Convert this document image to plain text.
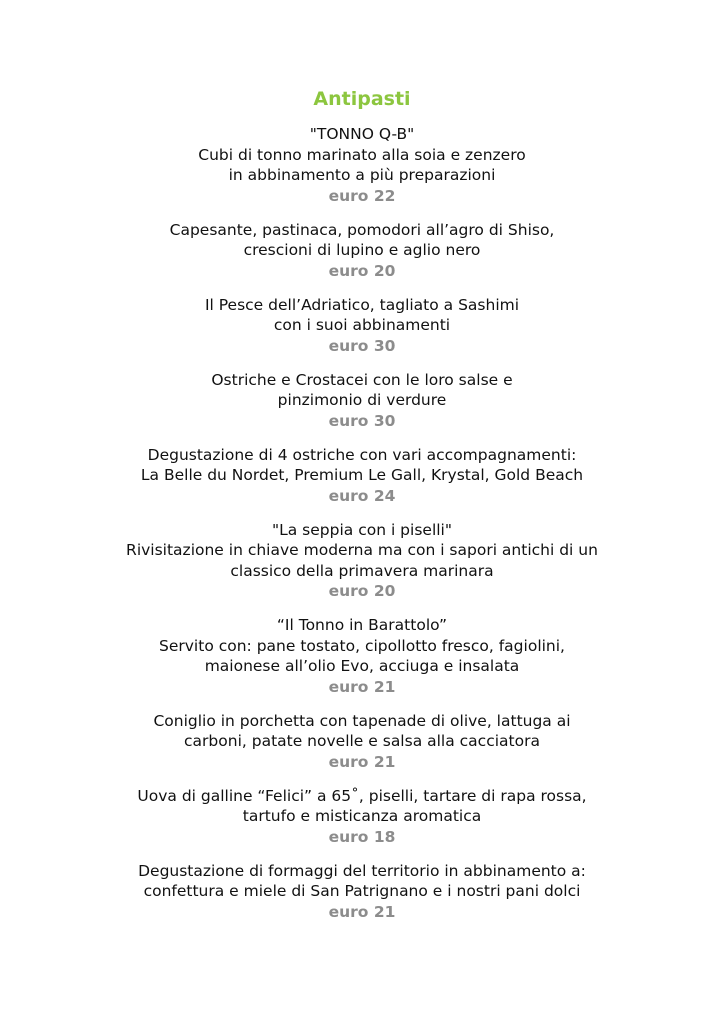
Antipasti
"TONNO Q-B"
Cubi di tonno marinato alla soia e zenzero
in abbinamento a più preparazioni
euro 22
Capesante, pastinaca, pomodori all’agro di Shiso,
crescioni di lupino e aglio nero
euro 20
Il Pesce dell’Adriatico, tagliato a Sashimi
con i suoi abbinamenti
euro 30
Ostriche e Crostacei con le loro salse e
pinzimonio di verdure
euro 30
Degustazione di 4 ostriche con vari accompagnamenti:
La Belle du Nordet, Premium Le Gall, Krystal, Gold Beach
euro 24
"La seppia con i piselli"
Rivisitazione in chiave moderna ma con i sapori antichi di un
classico della primavera marinara
euro 20
“Il Tonno in Barattolo”
Servito con: pane tostato, cipollotto fresco, fagiolini,
maionese all’olio Evo, acciuga e insalata
euro 21
Coniglio in porchetta con tapenade di olive, lattuga ai
carboni, patate novelle e salsa alla cacciatora
euro 21
Uova di galline “Felici” a 65˚, piselli, tartare di rapa rossa,
tartufo e misticanza aromatica
euro 18
Degustazione di formaggi del territorio in abbinamento a:
confettura e miele di San Patrignano e i nostri pani dolci
euro 21
